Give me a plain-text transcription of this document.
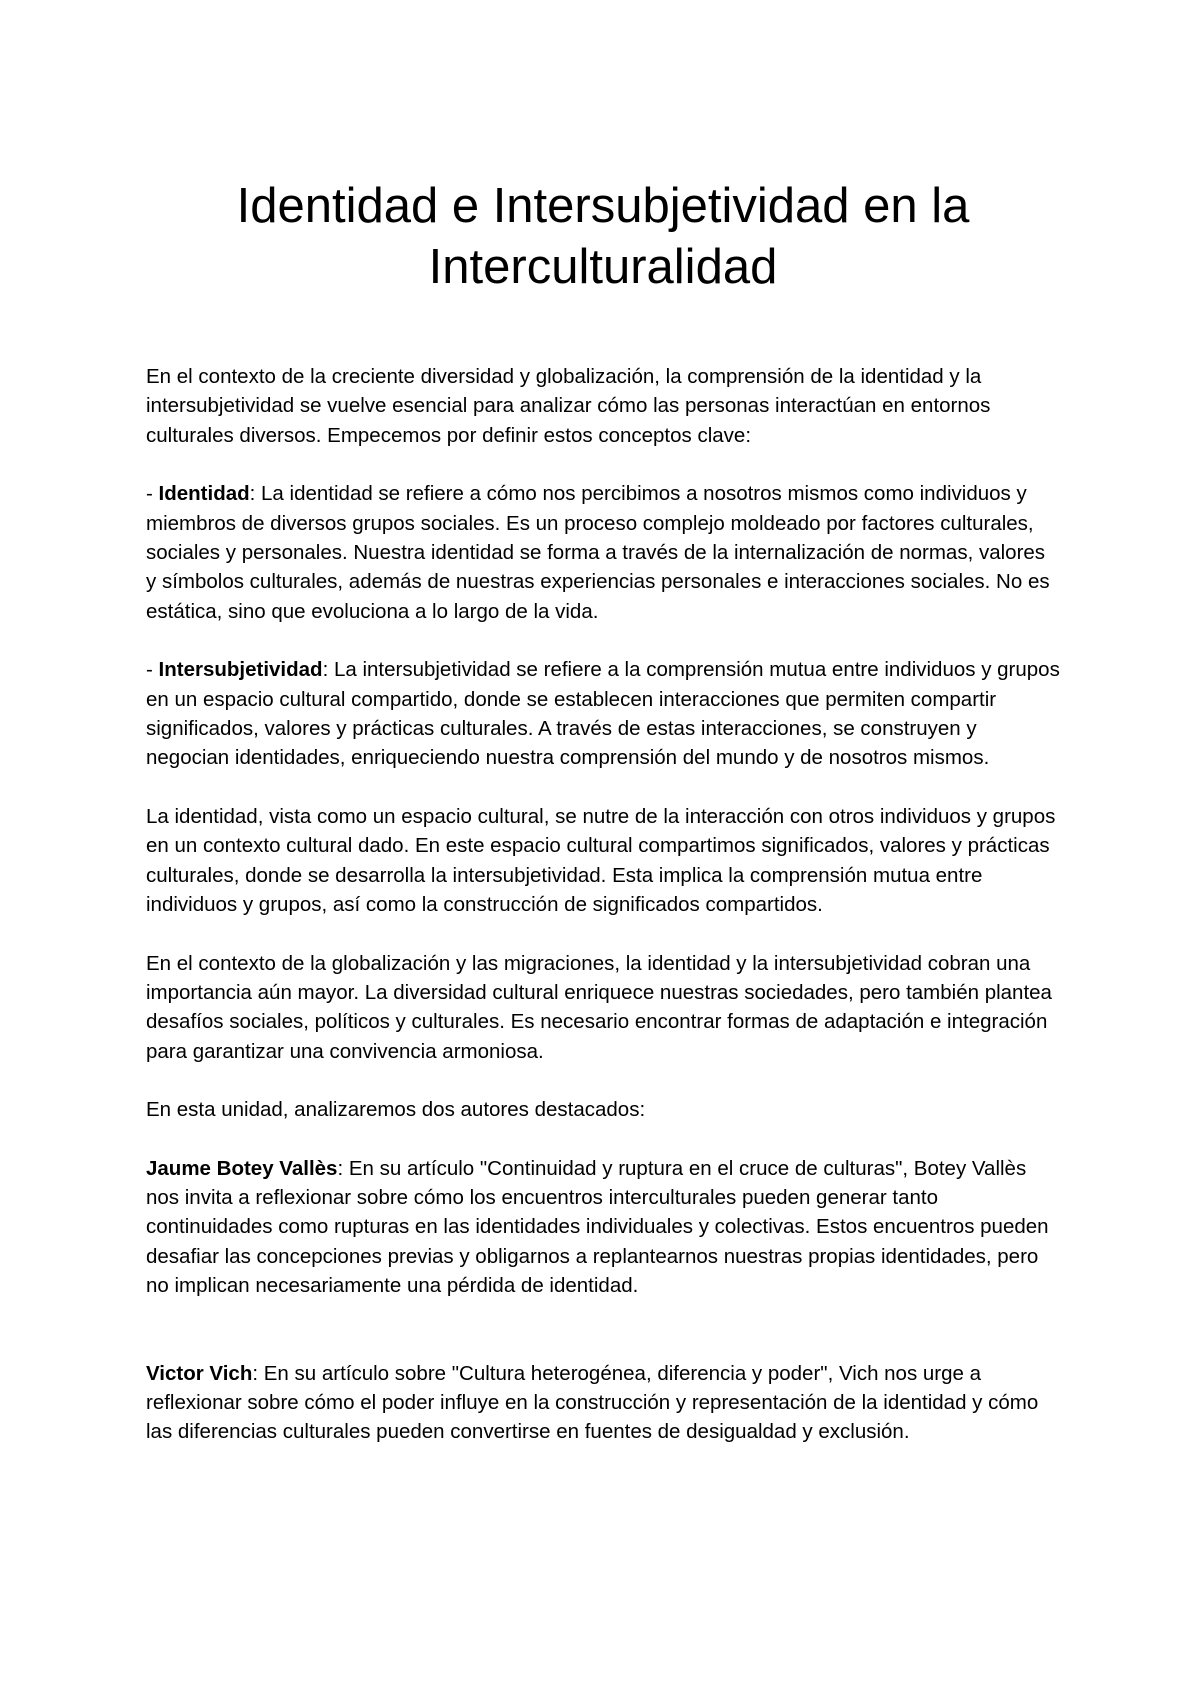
Identidad e Intersubjetividad en la Interculturalidad

En el contexto de la creciente diversidad y globalización, la comprensión de la identidad y la intersubjetividad se vuelve esencial para analizar cómo las personas interactúan en entornos culturales diversos. Empecemos por definir estos conceptos clave:

- Identidad: La identidad se refiere a cómo nos percibimos a nosotros mismos como individuos y miembros de diversos grupos sociales. Es un proceso complejo moldeado por factores culturales, sociales y personales. Nuestra identidad se forma a través de la internalización de normas, valores y símbolos culturales, además de nuestras experiencias personales e interacciones sociales. No es estática, sino que evoluciona a lo largo de la vida.

- Intersubjetividad: La intersubjetividad se refiere a la comprensión mutua entre individuos y grupos en un espacio cultural compartido, donde se establecen interacciones que permiten compartir significados, valores y prácticas culturales. A través de estas interacciones, se construyen y negocian identidades, enriqueciendo nuestra comprensión del mundo y de nosotros mismos.

La identidad, vista como un espacio cultural, se nutre de la interacción con otros individuos y grupos en un contexto cultural dado. En este espacio cultural compartimos significados, valores y prácticas culturales, donde se desarrolla la intersubjetividad. Esta implica la comprensión mutua entre individuos y grupos, así como la construcción de significados compartidos.

En el contexto de la globalización y las migraciones, la identidad y la intersubjetividad cobran una importancia aún mayor. La diversidad cultural enriquece nuestras sociedades, pero también plantea desafíos sociales, políticos y culturales. Es necesario encontrar formas de adaptación e integración para garantizar una convivencia armoniosa.

En esta unidad, analizaremos dos autores destacados:

Jaume Botey Vallès: En su artículo "Continuidad y ruptura en el cruce de culturas", Botey Vallès nos invita a reflexionar sobre cómo los encuentros interculturales pueden generar tanto continuidades como rupturas en las identidades individuales y colectivas. Estos encuentros pueden desafiar las concepciones previas y obligarnos a replantearnos nuestras propias identidades, pero no implican necesariamente una pérdida de identidad.

Victor Vich: En su artículo sobre "Cultura heterogénea, diferencia y poder", Vich nos urge a reflexionar sobre cómo el poder influye en la construcción y representación de la identidad y cómo las diferencias culturales pueden convertirse en fuentes de desigualdad y exclusión.
